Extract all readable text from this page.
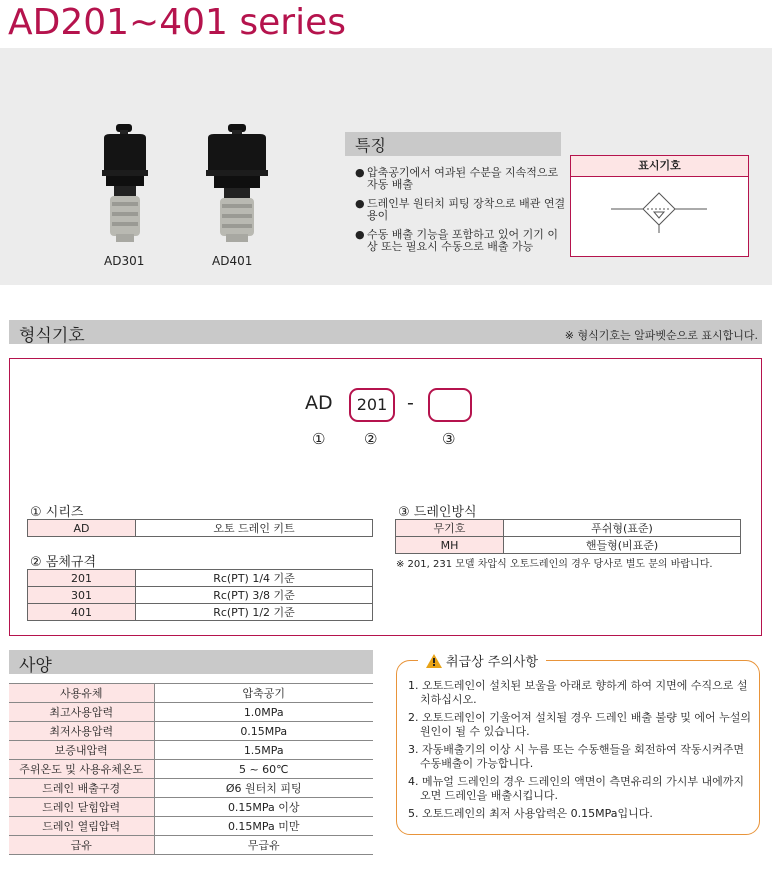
AD201~401 series
AD301	AD401
특징
● 압축공기에서 여과된 수분을 지속적으로 자동 배출
● 드레인부 원터치 피팅 장착으로 배관 연결 용이
● 수동 배출 기능을 포함하고 있어 기기 이상 또는 필요시 수동으로 배출 가능
표시기호
형식기호	※ 형식기호는 알파벳순으로 표시합니다.
AD	201	-
①	②	③
① 시리즈
AD	오토 드레인 키트
② 몸체규격
201	Rc(PT) 1/4 기준
301	Rc(PT) 3/8 기준
401	Rc(PT) 1/2 기준
③ 드레인방식
무기호	푸쉬형(표준)
MH	핸들형(비표준)
※ 201, 231 모델 차압식 오토드레인의 경우 당사로 별도 문의 바랍니다.
사양
사용유체	압축공기
최고사용압력	1.0MPa
최저사용압력	0.15MPa
보증내압력	1.5MPa
주위온도 및 사용유체온도	5 ~ 60℃
드레인 배출구경	Ø6 원터치 피팅
드레인 닫힘압력	0.15MPa 이상
드레인 열림압력	0.15MPa 미만
급유	무급유
취급상 주의사항
1. 오토드레인이 설치된 보울을 아래로 향하게 하여 지면에 수직으로 설치하십시오.
2. 오토드레인이 기울어져 설치될 경우 드레인 배출 불량 및 에어 누설의 원인이 될 수 있습니다.
3. 자동배출기의 이상 시 누름 또는 수동핸들을 회전하여 작동시켜주면 수동배출이 가능합니다.
4. 메뉴얼 드레인의 경우 드레인의 액면이 측면유리의 가시부 내에까지 오면 드레인을 배출시킵니다.
5. 오토드레인의 최저 사용압력은 0.15MPa입니다.
